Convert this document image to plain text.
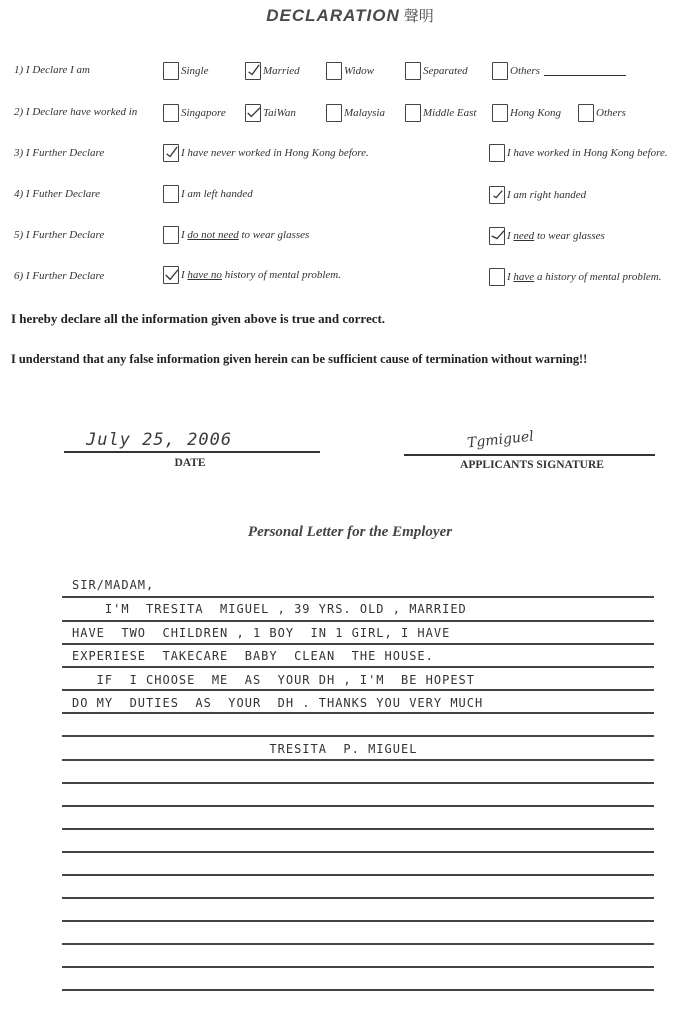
DECLARATION 聲明
1) I Declare I am	Single	Married	Widow	Separated	Others
2) I Declare have worked in	Singapore	TaiWan	Malaysia	Middle East	Hong Kong	Others
3) I Further Declare	I have never worked in Hong Kong before.	I have worked in Hong Kong before.
4) I Futher Declare	I am left handed	I am right handed
5) I Further Declare	I do not need to wear glasses	I need to wear glasses
6) I Further Declare	I have no history of mental problem.	I have a history of mental problem.
I hereby declare all the information given above is true and correct.
I understand that any false information given herein can be sufficient cause of termination without warning!!
July 25, 2006
DATE
Tgmiguel
APPLICANTS SIGNATURE
Personal Letter for the Employer
SIR/MADAM,
I'M  TRESITA  MIGUEL , 39 YRS. OLD , MARRIED
HAVE  TWO  CHILDREN , 1 BOY  IN 1 GIRL, I HAVE
EXPERIESE  TAKECARE  BABY  CLEAN  THE HOUSE.
IF  I CHOOSE  ME  AS  YOUR DH , I'M  BE HOPEST
DO MY  DUTIES  AS  YOUR  DH . THANKS YOU VERY MUCH
TRESITA  P. MIGUEL
